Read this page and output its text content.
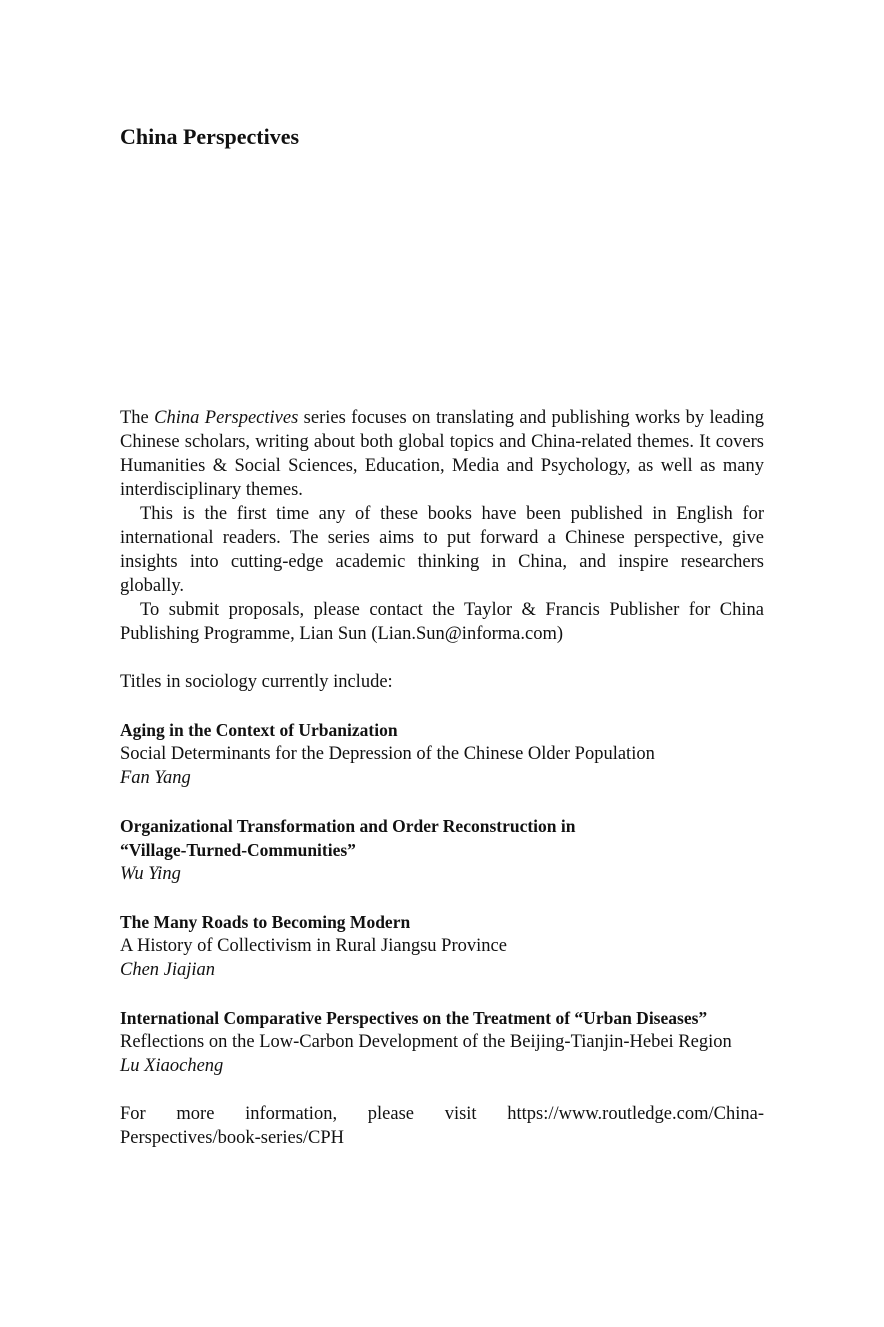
China Perspectives

The China Perspectives series focuses on translating and publishing works by leading Chinese scholars, writing about both global topics and China-related themes. It covers Humanities & Social Sciences, Education, Media and Psychology, as well as many interdisciplinary themes.

This is the first time any of these books have been published in English for international readers. The series aims to put forward a Chinese perspective, give insights into cutting-edge academic thinking in China, and inspire researchers globally.

To submit proposals, please contact the Taylor & Francis Publisher for China Publishing Programme, Lian Sun (Lian.Sun@informa.com)

Titles in sociology currently include:

Aging in the Context of Urbanization
Social Determinants for the Depression of the Chinese Older Population
Fan Yang
Organizational Transformation and Order Reconstruction in
“Village-Turned-Communities”
Wu Ying
The Many Roads to Becoming Modern
A History of Collectivism in Rural Jiangsu Province
Chen Jiajian
International Comparative Perspectives on the Treatment of “Urban Diseases”
Reflections on the Low-Carbon Development of the Beijing-Tianjin-Hebei Region
Lu Xiaocheng

For more information, please visit https://www.routledge.com/China-
Perspectives/book-series/CPH
